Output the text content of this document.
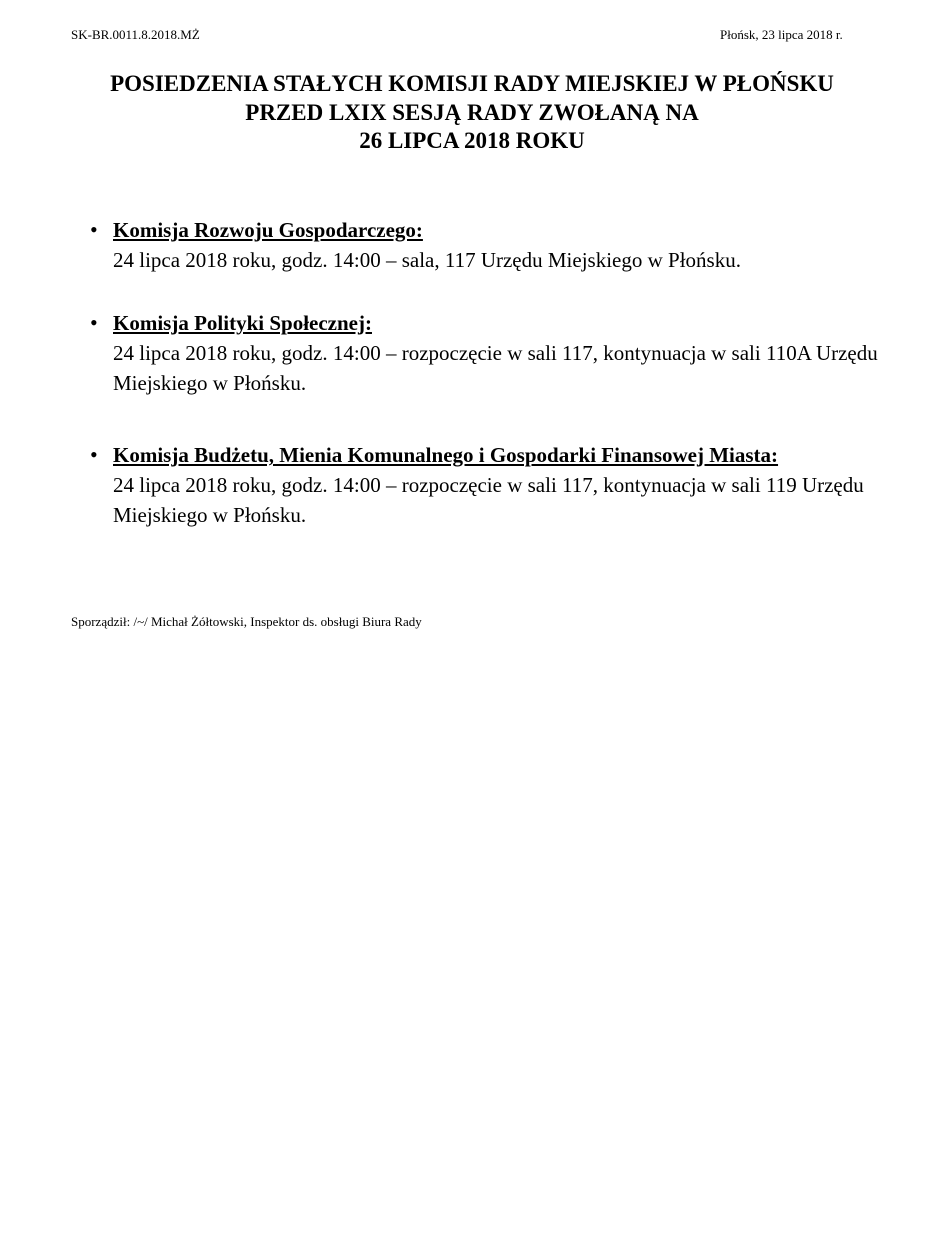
SK-BR.0011.8.2018.MŻ	Płońsk, 23 lipca 2018 r.
POSIEDZENIA STAŁYCH KOMISJI RADY MIEJSKIEJ W PŁOŃSKU
PRZED LXIX SESJĄ RADY ZWOŁANĄ NA
26 LIPCA 2018 ROKU
• Komisja Rozwoju Gospodarczego:
24 lipca 2018 roku, godz. 14:00 – sala, 117 Urzędu Miejskiego w Płońsku.
• Komisja Polityki Społecznej:
24 lipca 2018 roku, godz. 14:00 – rozpoczęcie w sali 117, kontynuacja w sali 110A Urzędu Miejskiego w Płońsku.
• Komisja Budżetu, Mienia Komunalnego i Gospodarki Finansowej Miasta:
24 lipca 2018 roku, godz. 14:00 – rozpoczęcie w sali 117, kontynuacja w sali 119 Urzędu Miejskiego w Płońsku.
Sporządził: /~/ Michał Żółtowski, Inspektor ds. obsługi Biura Rady
